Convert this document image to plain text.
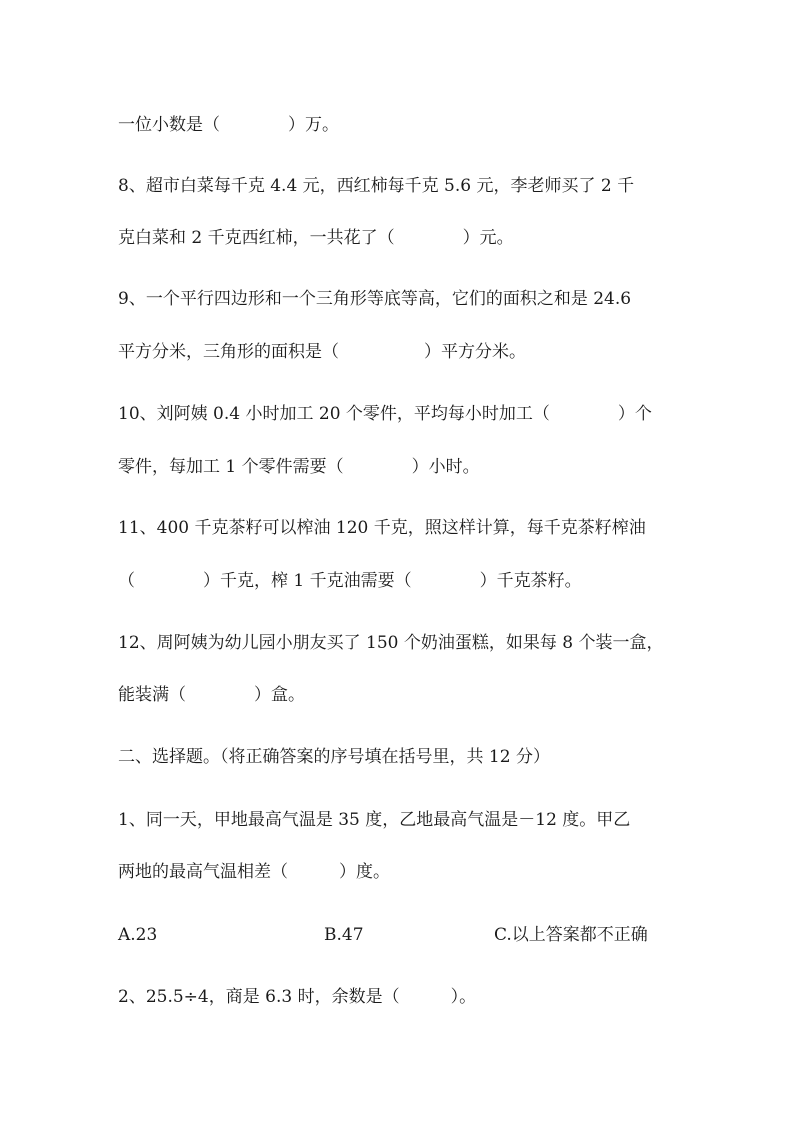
一位小数是（　　　　）万。
8、超市白菜每千克 4.4 元，西红柿每千克 5.6 元，李老师买了 2 千
克白菜和 2 千克西红柿，一共花了（　　　　）元。
9、一个平行四边形和一个三角形等底等高，它们的面积之和是 24.6
平方分米，三角形的面积是（　　　　　）平方分米。
10、刘阿姨 0.4 小时加工 20 个零件，平均每小时加工（　　　　）个
零件，每加工 1 个零件需要（　　　　）小时。
11、400 千克茶籽可以榨油 120 千克，照这样计算，每千克茶籽榨油
（　　　　）千克，榨 1 千克油需要（　　　　）千克茶籽。
12、周阿姨为幼儿园小朋友买了 150 个奶油蛋糕，如果每 8 个装一盒，
能装满（　　　　）盒。
二、选择题。（将正确答案的序号填在括号里，共 12 分）
1、同一天，甲地最高气温是 35 度，乙地最高气温是－12 度。甲乙
两地的最高气温相差（　　　）度。
A.23	B.47	C.以上答案都不正确
2、25.5÷4，商是 6.3 时，余数是（　　　）。
